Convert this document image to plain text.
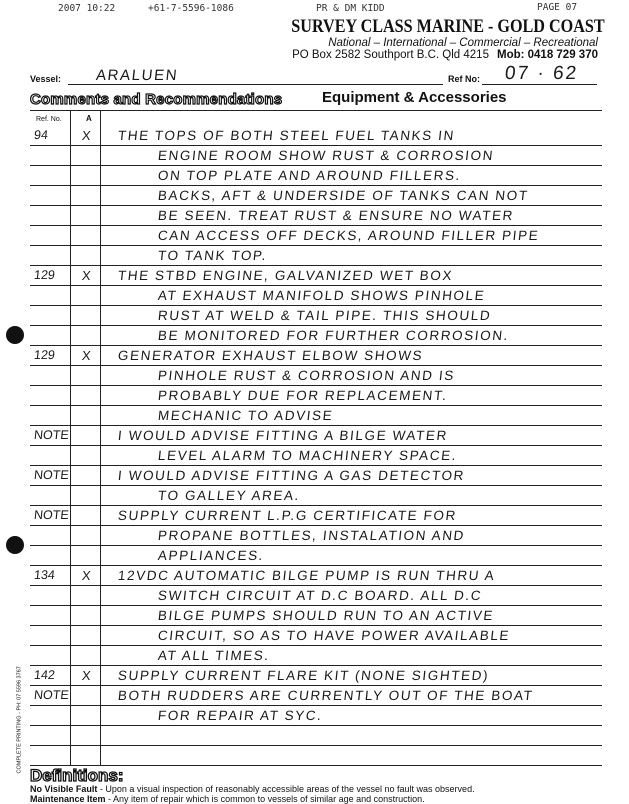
2007 10:22	+61-7-5596-1086	PR & DM KIDD	PAGE 07
SURVEY CLASS MARINE - GOLD COAST
National – International – Commercial – Recreational
PO Box 2582 Southport B.C. Qld 4215 Mob: 0418 729 370
Vessel: ARALUEN	Ref No: 07 · 62
Comments and Recommendations	Equipment & Accessories
Ref. No.	A
94	X THE TOPS OF BOTH STEEL FUEL TANKS IN
ENGINE ROOM SHOW RUST & CORROSION
ON TOP PLATE AND AROUND FILLERS.
BACKS, AFT & UNDERSIDE OF TANKS CAN NOT
BE SEEN. TREAT RUST & ENSURE NO WATER
CAN ACCESS OFF DECKS, AROUND FILLER PIPE
TO TANK TOP.
129 X THE STBD ENGINE, GALVANIZED WET BOX
AT EXHAUST MANIFOLD SHOWS PINHOLE
RUST AT WELD & TAIL PIPE. THIS SHOULD
BE MONITORED FOR FURTHER CORROSION.
129 X GENERATOR EXHAUST ELBOW SHOWS
PINHOLE RUST & CORROSION AND IS
PROBABLY DUE FOR REPLACEMENT.
MECHANIC TO ADVISE
NOTE	I WOULD ADVISE FITTING A BILGE WATER
LEVEL ALARM TO MACHINERY SPACE.
NOTE	I WOULD ADVISE FITTING A GAS DETECTOR
TO GALLEY AREA.
NOTE	SUPPLY CURRENT L.P.G CERTIFICATE FOR
PROPANE BOTTLES, INSTALATION AND
APPLIANCES.
134 X 12VDC AUTOMATIC BILGE PUMP IS RUN THRU A
SWITCH CIRCUIT AT D.C BOARD. ALL D.C
BILGE PUMPS SHOULD RUN TO AN ACTIVE
CIRCUIT, SO AS TO HAVE POWER AVAILABLE
AT ALL TIMES.
142 X SUPPLY CURRENT FLARE KIT (NONE SIGHTED)
NOTE	BOTH RUDDERS ARE CURRENTLY OUT OF THE BOAT
FOR REPAIR AT SYC.
COMPLETE PRINTING - PH: 07 5596 3767
Definitions:
No Visible Fault - Upon a visual inspection of reasonably accessible areas of the vessel no fault was observed.
Maintenance Item - Any item of repair which is common to vessels of similar age and construction.
